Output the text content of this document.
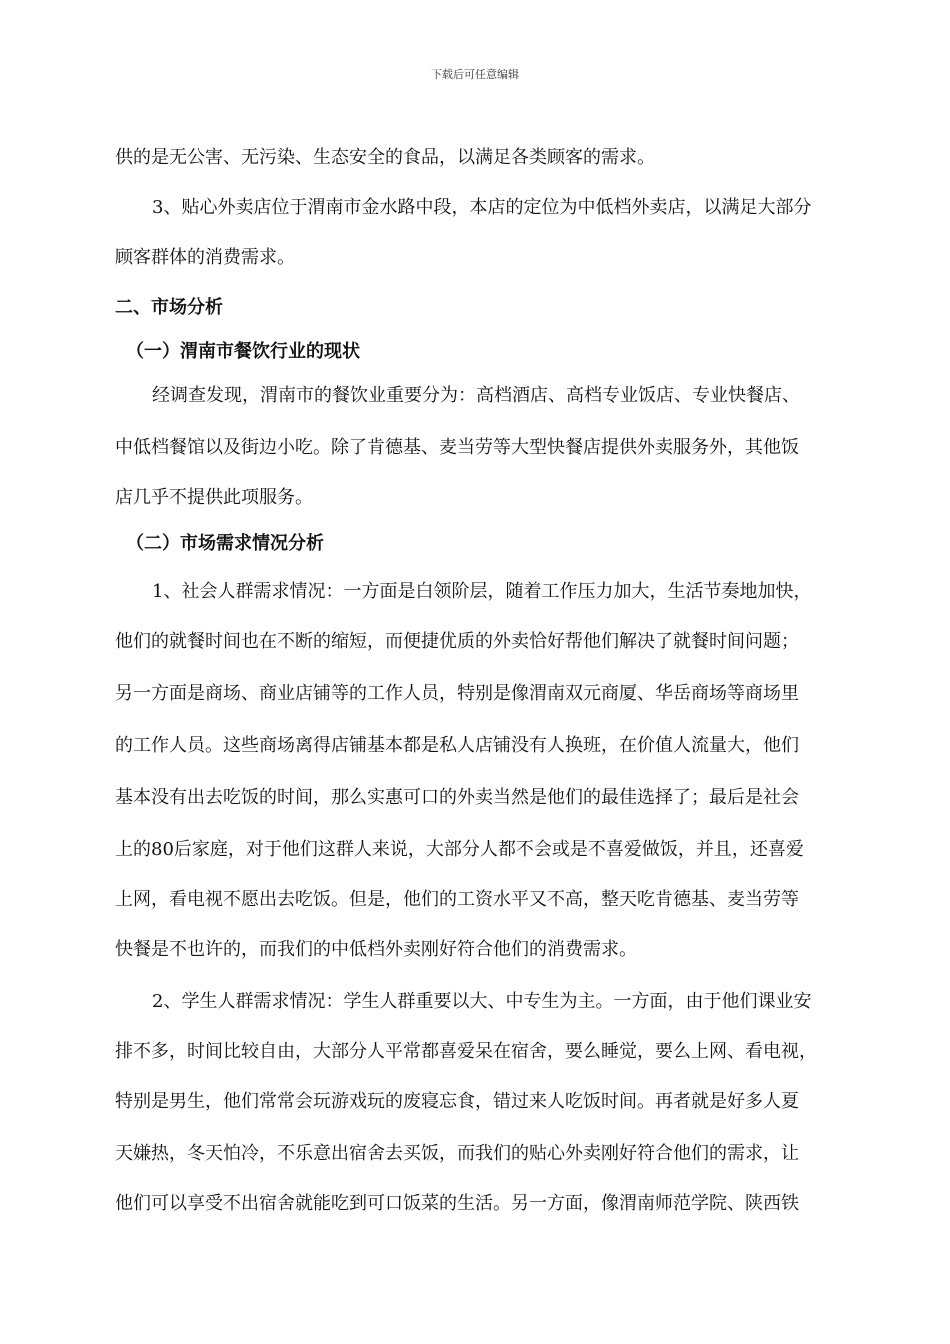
下载后可任意编辑
供的是无公害、无污染、生态安全的食品，以满足各类顾客的需求。
3、贴心外卖店位于渭南市金水路中段，本店的定位为中低档外卖店，以满足大部分
顾客群体的消费需求。
二、市场分析
（一）渭南市餐饮行业的现状
经调查发现，渭南市的餐饮业重要分为：高档酒店、高档专业饭店、专业快餐店、
中低档餐馆以及街边小吃。除了肯德基、麦当劳等大型快餐店提供外卖服务外，其他饭
店几乎不提供此项服务。
（二）市场需求情况分析
1、社会人群需求情况：一方面是白领阶层，随着工作压力加大，生活节奏地加快，
他们的就餐时间也在不断的缩短，而便捷优质的外卖恰好帮他们解决了就餐时间问题；
另一方面是商场、商业店铺等的工作人员，特别是像渭南双元商厦、华岳商场等商场里
的工作人员。这些商场离得店铺基本都是私人店铺没有人换班，在价值人流量大，他们
基本没有出去吃饭的时间，那么实惠可口的外卖当然是他们的最佳选择了；最后是社会
上的80后家庭，对于他们这群人来说，大部分人都不会或是不喜爱做饭，并且，还喜爱
上网，看电视不愿出去吃饭。但是，他们的工资水平又不高，整天吃肯德基、麦当劳等
快餐是不也许的，而我们的中低档外卖刚好符合他们的消费需求。
2、学生人群需求情况：学生人群重要以大、中专生为主。一方面，由于他们课业安
排不多，时间比较自由，大部分人平常都喜爱呆在宿舍，要么睡觉，要么上网、看电视，
特别是男生，他们常常会玩游戏玩的废寝忘食，错过来人吃饭时间。再者就是好多人夏
天嫌热，冬天怕冷，不乐意出宿舍去买饭，而我们的贴心外卖刚好符合他们的需求，让
他们可以享受不出宿舍就能吃到可口饭菜的生活。另一方面，像渭南师范学院、陕西铁
